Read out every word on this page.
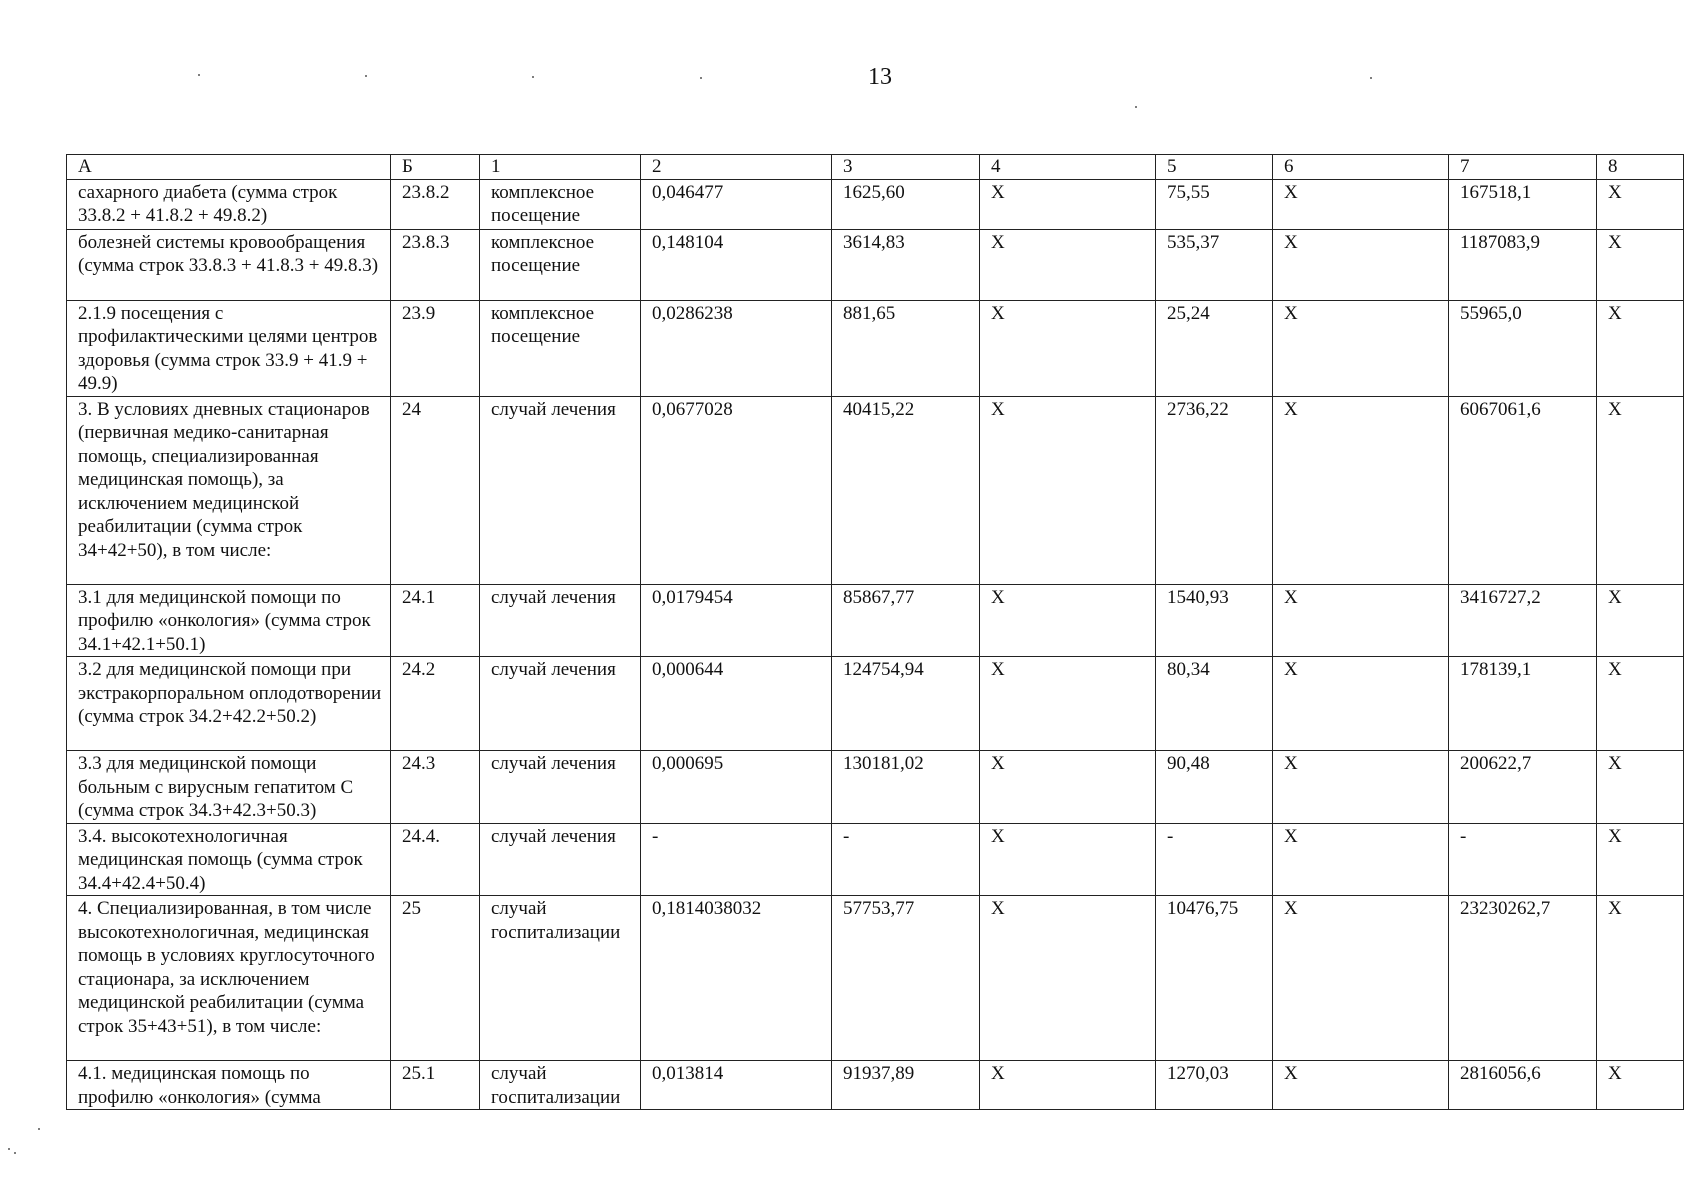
13
А	Б	1	2	3	4	5	6	7	8
сахарного диабета (сумма строк 33.8.2 + 41.8.2 + 49.8.2)	23.8.2	комплексное посещение	0,046477	1625,60	X	75,55	X	167518,1	X
болезней системы кровообращения (сумма строк 33.8.3 + 41.8.3 + 49.8.3)	23.8.3	комплексное посещение	0,148104	3614,83	X	535,37	X	1187083,9	X
2.1.9 посещения с профилактическими целями центров здоровья (сумма строк 33.9 + 41.9 + 49.9)	23.9	комплексное посещение	0,0286238	881,65	X	25,24	X	55965,0	X
3. В условиях дневных стационаров (первичная медико-санитарная помощь, специализированная медицинская помощь), за исключением медицинской реабилитации (сумма строк 34+42+50), в том числе:	24	случай лечения	0,0677028	40415,22	X	2736,22	X	6067061,6	X
3.1 для медицинской помощи по профилю «онкология» (сумма строк 34.1+42.1+50.1)	24.1	случай лечения	0,0179454	85867,77	X	1540,93	X	3416727,2	X
3.2 для медицинской помощи при экстракорпоральном оплодотворении (сумма строк 34.2+42.2+50.2)	24.2	случай лечения	0,000644	124754,94	X	80,34	X	178139,1	X
3.3 для медицинской помощи больным с вирусным гепатитом С (сумма строк 34.3+42.3+50.3)	24.3	случай лечения	0,000695	130181,02	X	90,48	X	200622,7	X
3.4. высокотехнологичная медицинская помощь (сумма строк 34.4+42.4+50.4)	24.4.	случай лечения	-	-	X	-	X	-	X
4. Специализированная, в том числе высокотехнологичная, медицинская помощь в условиях круглосуточного стационара, за исключением медицинской реабилитации (сумма строк 35+43+51), в том числе:	25	случай госпитализации	0,1814038032	57753,77	X	10476,75	X	23230262,7	X
4.1. медицинская помощь по профилю «онкология» (сумма	25.1	случай госпитализации	0,013814	91937,89	X	1270,03	X	2816056,6	X
